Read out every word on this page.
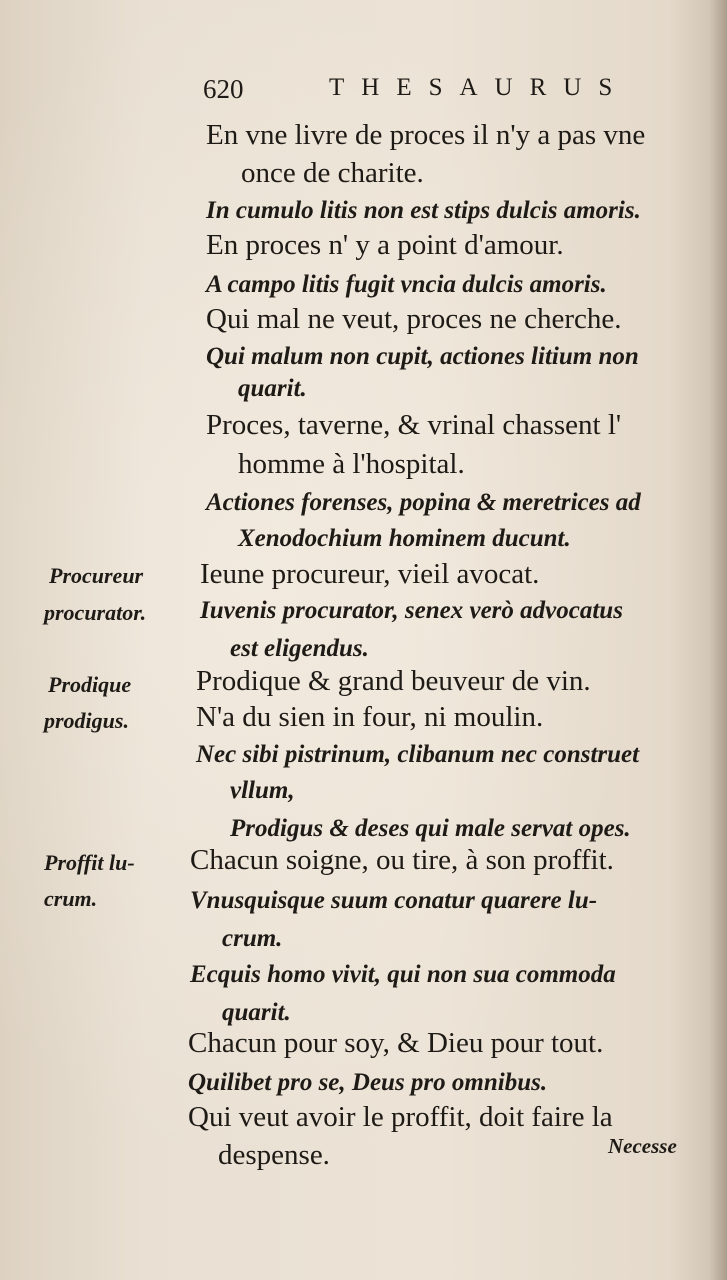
620	THESAURUS
En vne livre de proces il n'y a pas vne
once de charite.
In cumulo litis non est stips dulcis amoris.
En proces n' y a point d'amour.
A campo litis fugit vncia dulcis amoris.
Qui mal ne veut, proces ne cherche.
Qui malum non cupit, actiones litium non
quarit.
Proces, taverne, & vrinal chassent l'
homme à l'hospital.
Actiones forenses, popina & meretrices ad
Xenodochium hominem ducunt.
Ieune procureur, vieil avocat.
Iuvenis procurator, senex verò advocatus
est eligendus.
Prodique & grand beuveur de vin.
N'a du sien in four, ni moulin.
Nec sibi pistrinum, clibanum nec construet
vllum,
Prodigus & deses qui male servat opes.
Chacun soigne, ou tire, à son proffit.
Vnusquisque suum conatur quarere lu-
crum.
Ecquis homo vivit, qui non sua commoda
quarit.
Chacun pour soy, & Dieu pour tout.
Quilibet pro se, Deus pro omnibus.
Qui veut avoir le proffit, doit faire la
despense.
Procureur
procurator.
Prodique
prodigus.
Proffit lu-
crum.
Necesse
